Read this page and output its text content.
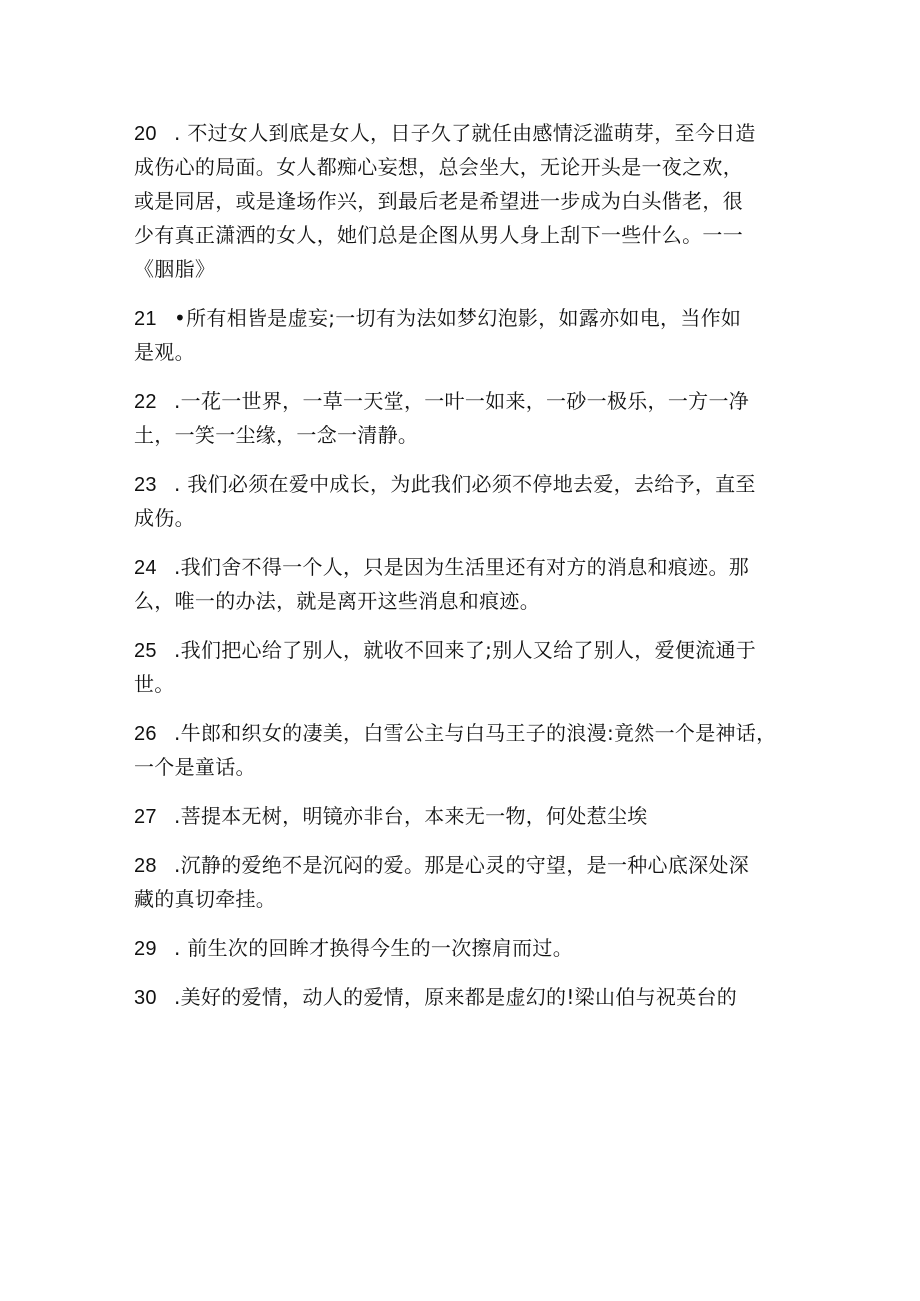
20 . 不过女人到底是女人，日子久了就任由感情泛滥萌芽，至今日造
成伤心的局面。女人都痴心妄想，总会坐大，无论开头是一夜之欢，
或是同居，或是逢场作兴，到最后老是希望进一步成为白头偕老，很
少有真正潇洒的女人，她们总是企图从男人身上刮下一些什么。一一
《胭脂》
21 •所有相皆是虚妄;一切有为法如梦幻泡影，如露亦如电，当作如
是观。
22 .一花一世界，一草一天堂，一叶一如来，一砂一极乐，一方一净
土，一笑一尘缘，一念一清静。
23 . 我们必须在爱中成长，为此我们必须不停地去爱，去给予，直至
成伤。
24 .我们舍不得一个人，只是因为生活里还有对方的消息和痕迹。那
么，唯一的办法，就是离开这些消息和痕迹。
25 .我们把心给了别人，就收不回来了;别人又给了别人，爱便流通于
世。
26 .牛郎和织女的凄美，白雪公主与白马王子的浪漫:竟然一个是神话，
一个是童话。
27 .菩提本无树，明镜亦非台，本来无一物，何处惹尘埃
28 .沉静的爱绝不是沉闷的爱。那是心灵的守望，是一种心底深处深
藏的真切牵挂。
29 . 前生次的回眸才换得今生的一次擦肩而过。
30 .美好的爱情，动人的爱情，原来都是虚幻的!梁山伯与祝英台的
